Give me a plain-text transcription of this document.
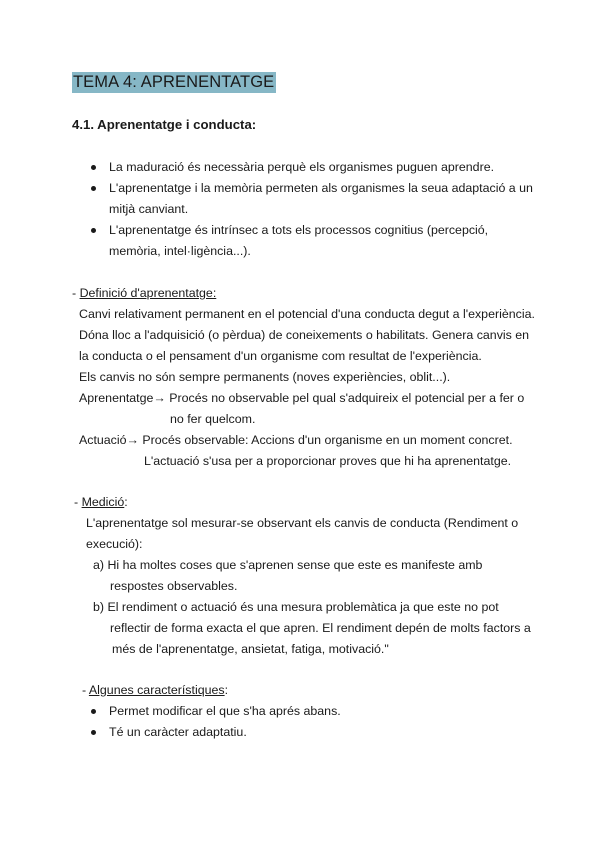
TEMA 4: APRENENTATGE
4.1. Aprenentatge i conducta:
La maduració és necessària perquè els organismes puguen aprendre.
L'aprenentatge i la memòria permeten als organismes la seua adaptació a un
mitjà canviant.
L'aprenentatge és intrínsec a tots els processos cognitius (percepció,
memòria, intel·ligència...).
- Definició d'aprenentatge:
Canvi relativament permanent en el potencial d'una conducta degut a l'experiència.
Dóna lloc a l'adquisició (o pèrdua) de coneixements o habilitats. Genera canvis en
la conducta o el pensament d'un organisme com resultat de l'experiència.
Els canvis no són sempre permanents (noves experiències, oblit...).
Aprenentatge→ Procés no observable pel qual s'adquireix el potencial per a fer o
no fer quelcom.
Actuació→ Procés observable: Accions d'un organisme en un moment concret.
L'actuació s'usa per a proporcionar proves que hi ha aprenentatge.
- Medició:
L'aprenentatge sol mesurar-se observant els canvis de conducta (Rendiment o
execució):
a) Hi ha moltes coses que s'aprenen sense que este es manifeste amb
respostes observables.
b) El rendiment o actuació és una mesura problemàtica ja que este no pot
reflectir de forma exacta el que apren. El rendiment depén de molts factors a
més de l'aprenentatge, ansietat, fatiga, motivació."
- Algunes característiques:
Permet modificar el que s'ha aprés abans.
Té un caràcter adaptatiu.
